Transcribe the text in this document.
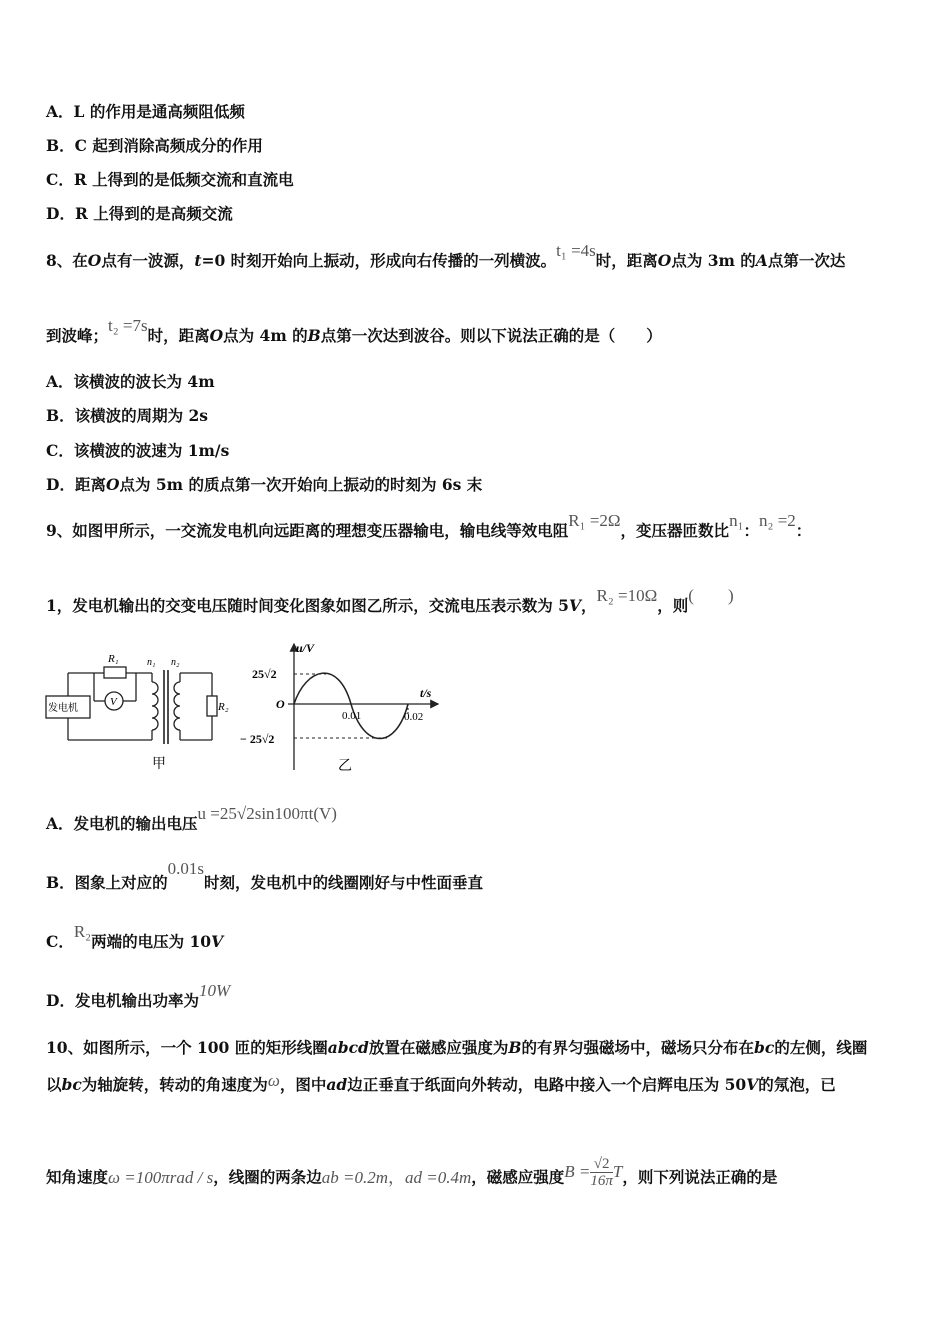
A．L 的作用是通高频阻低频
B．C 起到消除高频成分的作用
C．R 上得到的是低频交流和直流电
D．R 上得到的是高频交流
8、在O点有一波源，t=0 时刻开始向上振动，形成向右传播的一列横波。t₁ =4s时，距离O点为 3m 的A点第一次达
到波峰；t₂ =7s时，距离O点为 4m 的B点第一次达到波谷。则以下说法正确的是（　　）
A．该横波的波长为 4m
B．该横波的周期为 2s
C．该横波的波速为 1m/s
D．距离O点为 5m 的质点第一次开始向上振动的时刻为 6s 末
9、如图甲所示，一交流发电机向远距离的理想变压器输电，输电线等效电阻R₁ =2Ω，变压器匝数比n₁：n₂ =2：
1，发电机输出的交变电压随时间变化图象如图乙所示，交流电压表示数为 5V，R₂ =10Ω，则(　　)
发电机
R₁
V
n₁ n₂
R₂
甲
u/V
t/s
25√2
− 25√2
O
0.01	0.02
乙
A．发电机的输出电压u =25√2sin100πt(V)
B．图象上对应的0.01s时刻，发电机中的线圈刚好与中性面垂直
C．R₂两端的电压为 10V
D．发电机输出功率为10W
10、如图所示，一个 100 匝的矩形线圈abcd放置在磁感应强度为B的有界匀强磁场中，磁场只分布在bc的左侧，线圈
以bc为轴旋转，转动的角速度为ω，图中ad边正垂直于纸面向外转动，电路中接入一个启辉电压为 50V的氖泡，已
知角速度ω =100πrad / s，线圈的两条边ab =0.2m，ad =0.4m，磁感应强度$B = \frac{√2}{16\pi}$ T，则下列说法正确的是
